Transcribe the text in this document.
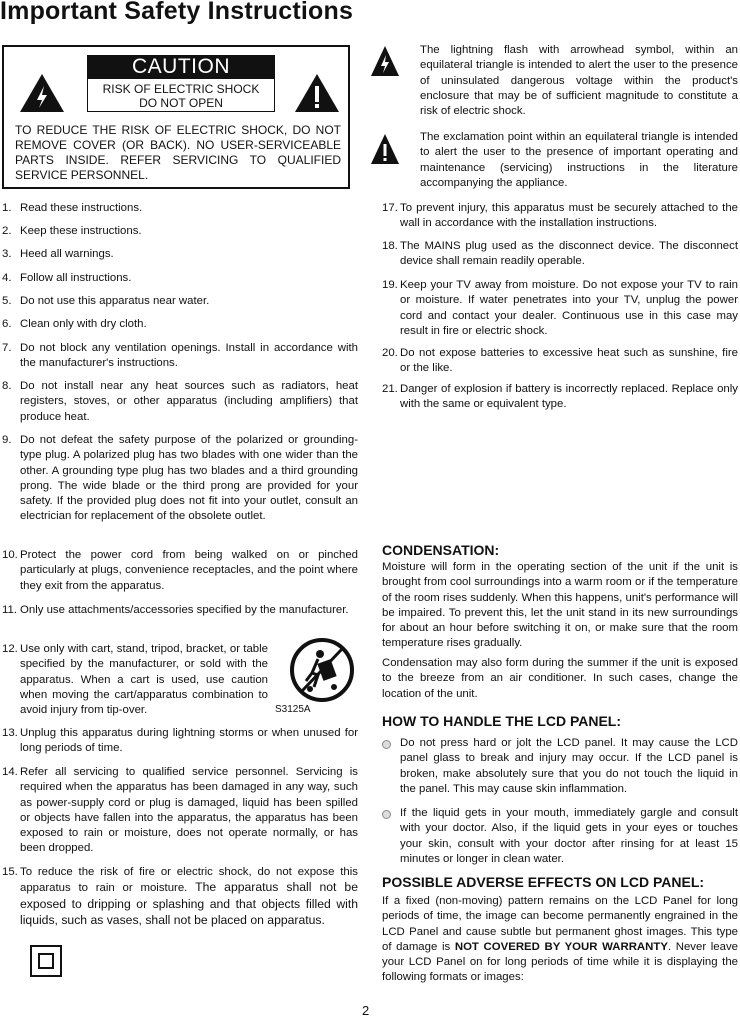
Important Safety Instructions
CAUTION
RISK OF ELECTRIC SHOCK
DO NOT OPEN
TO REDUCE THE RISK OF ELECTRIC SHOCK, DO NOT REMOVE COVER (OR BACK). NO USER-SERVICEABLE PARTS INSIDE. REFER SERVICING TO QUALIFIED SERVICE PERSONNEL.
The lightning flash with arrowhead symbol, within an equilateral triangle is intended to alert the user to the presence of uninsulated dangerous voltage within the product's enclosure that may be of sufficient magnitude to constitute a risk of electric shock.
The exclamation point within an equilateral triangle is intended to alert the user to the presence of important operating and maintenance (servicing) instructions in the literature accompanying the appliance.
1. Read these instructions.
2. Keep these instructions.
3. Heed all warnings.
4. Follow all instructions.
5. Do not use this apparatus near water.
6. Clean only with dry cloth.
7. Do not block any ventilation openings. Install in accordance with the manufacturer's instructions.
8. Do not install near any heat sources such as radiators, heat registers, stoves, or other apparatus (including amplifiers) that produce heat.
9. Do not defeat the safety purpose of the polarized or grounding-type plug. A polarized plug has two blades with one wider than the other. A grounding type plug has two blades and a third grounding prong. The wide blade or the third prong are provided for your safety. If the provided plug does not fit into your outlet, consult an electrician for replacement of the obsolete outlet.
10. Protect the power cord from being walked on or pinched particularly at plugs, convenience receptacles, and the point where they exit from the apparatus.
11. Only use attachments/accessories specified by the manufacturer.
12. Use only with cart, stand, tripod, bracket, or table specified by the manufacturer, or sold with the apparatus. When a cart is used, use caution when moving the cart/apparatus combination to avoid injury from tip-over.
13. Unplug this apparatus during lightning storms or when unused for long periods of time.
14. Refer all servicing to qualified service personnel. Servicing is required when the apparatus has been damaged in any way, such as power-supply cord or plug is damaged, liquid has been spilled or objects have fallen into the apparatus, the apparatus has been exposed to rain or moisture, does not operate normally, or has been dropped.
15. To reduce the risk of fire or electric shock, do not expose this apparatus to rain or moisture. The apparatus shall not be exposed to dripping or splashing and that objects filled with liquids, such as vases, shall not be placed on apparatus.
S3125A
17. To prevent injury, this apparatus must be securely attached to the wall in accordance with the installation instructions.
18. The MAINS plug used as the disconnect device. The disconnect device shall remain readily operable.
19. Keep your TV away from moisture. Do not expose your TV to rain or moisture. If water penetrates into your TV, unplug the power cord and contact your dealer. Continuous use in this case may result in fire or electric shock.
20. Do not expose batteries to excessive heat such as sunshine, fire or the like.
21. Danger of explosion if battery is incorrectly replaced. Replace only with the same or equivalent type.
CONDENSATION:
Moisture will form in the operating section of the unit if the unit is brought from cool surroundings into a warm room or if the temperature of the room rises suddenly. When this happens, unit's performance will be impaired. To prevent this, let the unit stand in its new surroundings for about an hour before switching it on, or make sure that the room temperature rises gradually.
Condensation may also form during the summer if the unit is exposed to the breeze from an air conditioner. In such cases, change the location of the unit.
HOW TO HANDLE THE LCD PANEL:
Do not press hard or jolt the LCD panel. It may cause the LCD panel glass to break and injury may occur. If the LCD panel is broken, make absolutely sure that you do not touch the liquid in the panel. This may cause skin inflammation.
If the liquid gets in your mouth, immediately gargle and consult with your doctor. Also, if the liquid gets in your eyes or touches your skin, consult with your doctor after rinsing for at least 15 minutes or longer in clean water.
POSSIBLE ADVERSE EFFECTS ON LCD PANEL:
If a fixed (non-moving) pattern remains on the LCD Panel for long periods of time, the image can become permanently engrained in the LCD Panel and cause subtle but permanent ghost images. This type of damage is NOT COVERED BY YOUR WARRANTY. Never leave your LCD Panel on for long periods of time while it is displaying the following formats or images:
2
